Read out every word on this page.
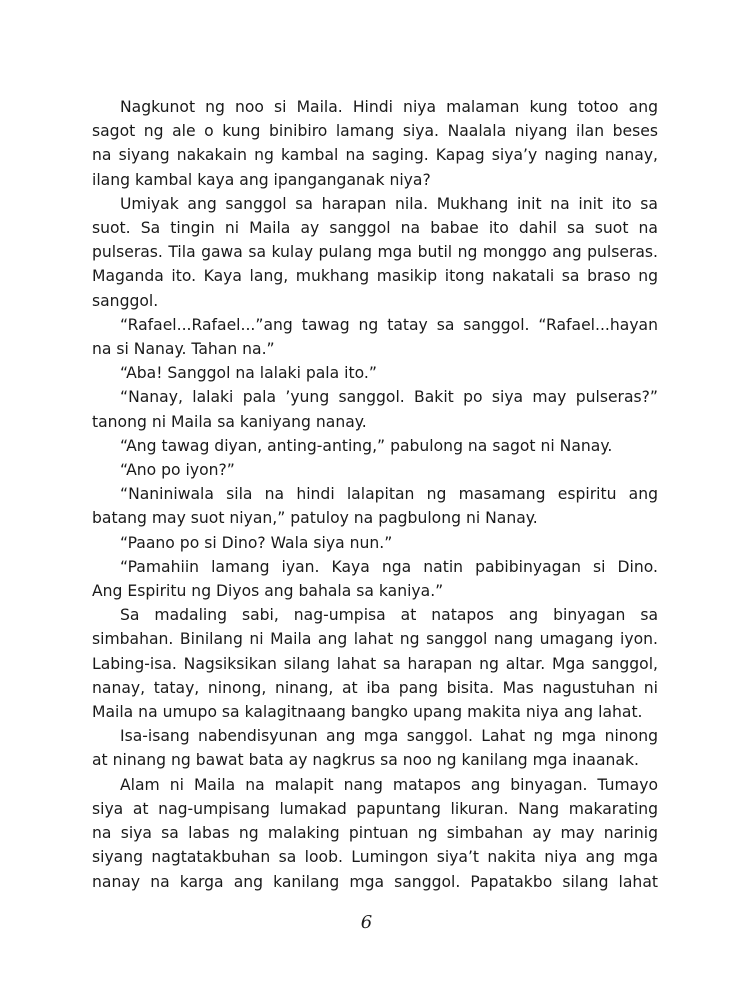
Nagkunot ng noo si Maila. Hindi niya malaman kung totoo ang
sagot ng ale o kung binibiro lamang siya. Naalala niyang ilan beses
na siyang nakakain ng kambal na saging. Kapag siya’y naging nanay,
ilang kambal kaya ang ipanganganak niya?
Umiyak ang sanggol sa harapan nila. Mukhang init na init ito sa
suot. Sa tingin ni Maila ay sanggol na babae ito dahil sa suot na
pulseras. Tila gawa sa kulay pulang mga butil ng monggo ang pulseras.
Maganda ito. Kaya lang, mukhang masikip itong nakatali sa braso ng
sanggol.
“Rafael...Rafael...”ang tawag ng tatay sa sanggol. “Rafael...hayan
na si Nanay. Tahan na.”
“Aba! Sanggol na lalaki pala ito.”
“Nanay, lalaki pala ’yung sanggol. Bakit po siya may pulseras?”
tanong ni Maila sa kaniyang nanay.
“Ang tawag diyan, anting-anting,” pabulong na sagot ni Nanay.
“Ano po iyon?”
“Naniniwala sila na hindi lalapitan ng masamang espiritu ang
batang may suot niyan,” patuloy na pagbulong ni Nanay.
“Paano po si Dino? Wala siya nun.”
“Pamahiin lamang iyan. Kaya nga natin pabibinyagan si Dino.
Ang Espiritu ng Diyos ang bahala sa kaniya.”
Sa madaling sabi, nag-umpisa at natapos ang binyagan sa
simbahan. Binilang ni Maila ang lahat ng sanggol nang umagang iyon.
Labing-isa. Nagsiksikan silang lahat sa harapan ng altar. Mga sanggol,
nanay, tatay, ninong, ninang, at iba pang bisita. Mas nagustuhan ni
Maila na umupo sa kalagitnaang bangko upang makita niya ang lahat.
Isa-isang nabendisyunan ang mga sanggol. Lahat ng mga ninong
at ninang ng bawat bata ay nagkrus sa noo ng kanilang mga inaanak.
Alam ni Maila na malapit nang matapos ang binyagan. Tumayo
siya at nag-umpisang lumakad papuntang likuran. Nang makarating
na siya sa labas ng malaking pintuan ng simbahan ay may narinig
siyang nagtatakbuhan sa loob. Lumingon siya’t nakita niya ang mga
nanay na karga ang kanilang mga sanggol. Papatakbo silang lahat
6
